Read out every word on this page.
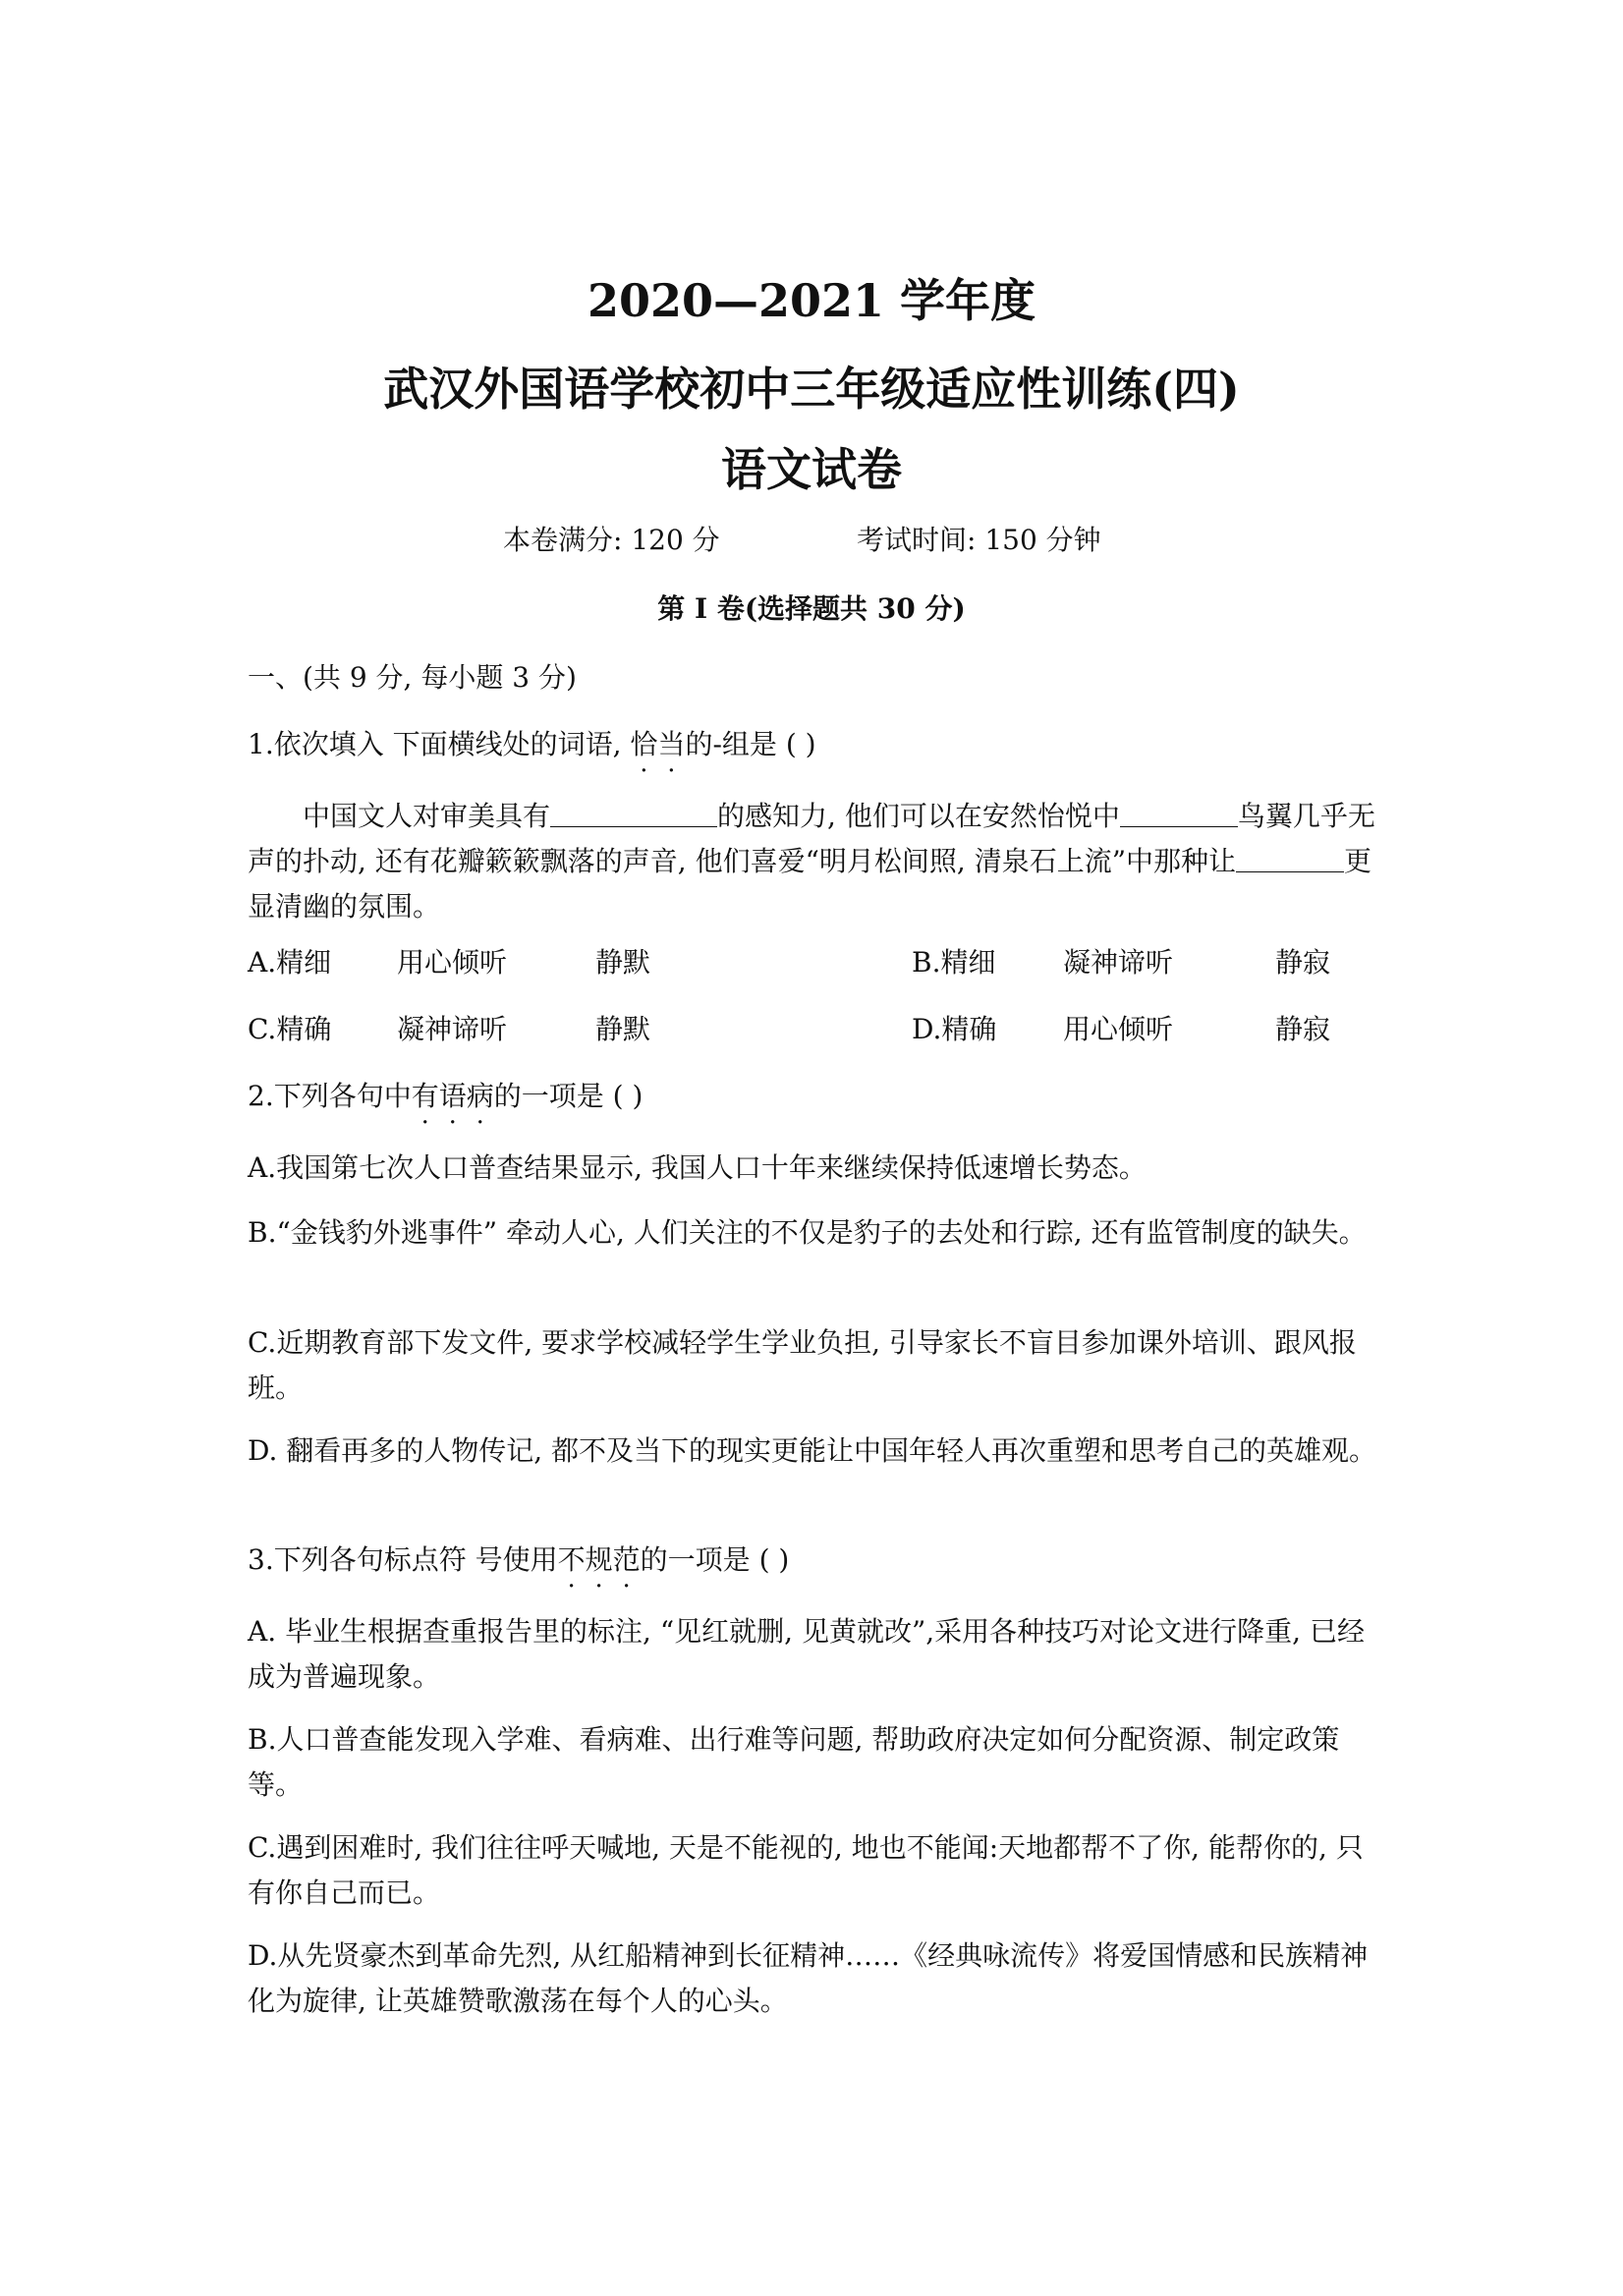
2020—2021 学年度
武汉外国语学校初中三年级适应性训练(四)
语文试卷
本卷满分: 120 分	考试时间: 150 分钟
第 I 卷(选择题共 30 分)
一、(共 9 分, 每小题 3 分)
1.依次填入 下面横线处的词语, 恰当的-组是 ( )
中国文人对审美具有	的感知力, 他们可以在安然怡悦中	鸟翼几乎无声的扑动, 还有花瓣簌簌飘落的声音, 他们喜爱“明月松间照, 清泉石上流”中那种让	更显清幽的氛围。
A.精细 用心倾听	静默	B.精细 凝神谛听	静寂
C.精确 凝神谛听	静默	D.精确 用心倾听	静寂
2.下列各句中有语病的一项是 ( )
A.我国第七次人口普查结果显示, 我国人口十年来继续保持低速增长势态。
B.“金钱豹外逃事件” 牵动人心, 人们关注的不仅是豹子的去处和行踪, 还有监管制度的缺失。
C.近期教育部下发文件, 要求学校减轻学生学业负担, 引导家长不盲目参加课外培训、跟风报班。
D. 翻看再多的人物传记, 都不及当下的现实更能让中国年轻人再次重塑和思考自己的英雄观。
3.下列各句标点符 号使用不规范的一项是 ( )
A. 毕业生根据查重报告里的标注, “见红就删, 见黄就改”,采用各种技巧对论文进行降重, 已经成为普遍现象。
B.人口普查能发现入学难、看病难、出行难等问题, 帮助政府决定如何分配资源、制定政策等。
C.遇到困难时, 我们往往呼天喊地, 天是不能视的, 地也不能闻:天地都帮不了你, 能帮你的, 只有你自己而已。
D.从先贤豪杰到革命先烈, 从红船精神到长征精神……《经典咏流传》将爱国情感和民族精神化为旋律, 让英雄赞歌激荡在每个人的心头。
